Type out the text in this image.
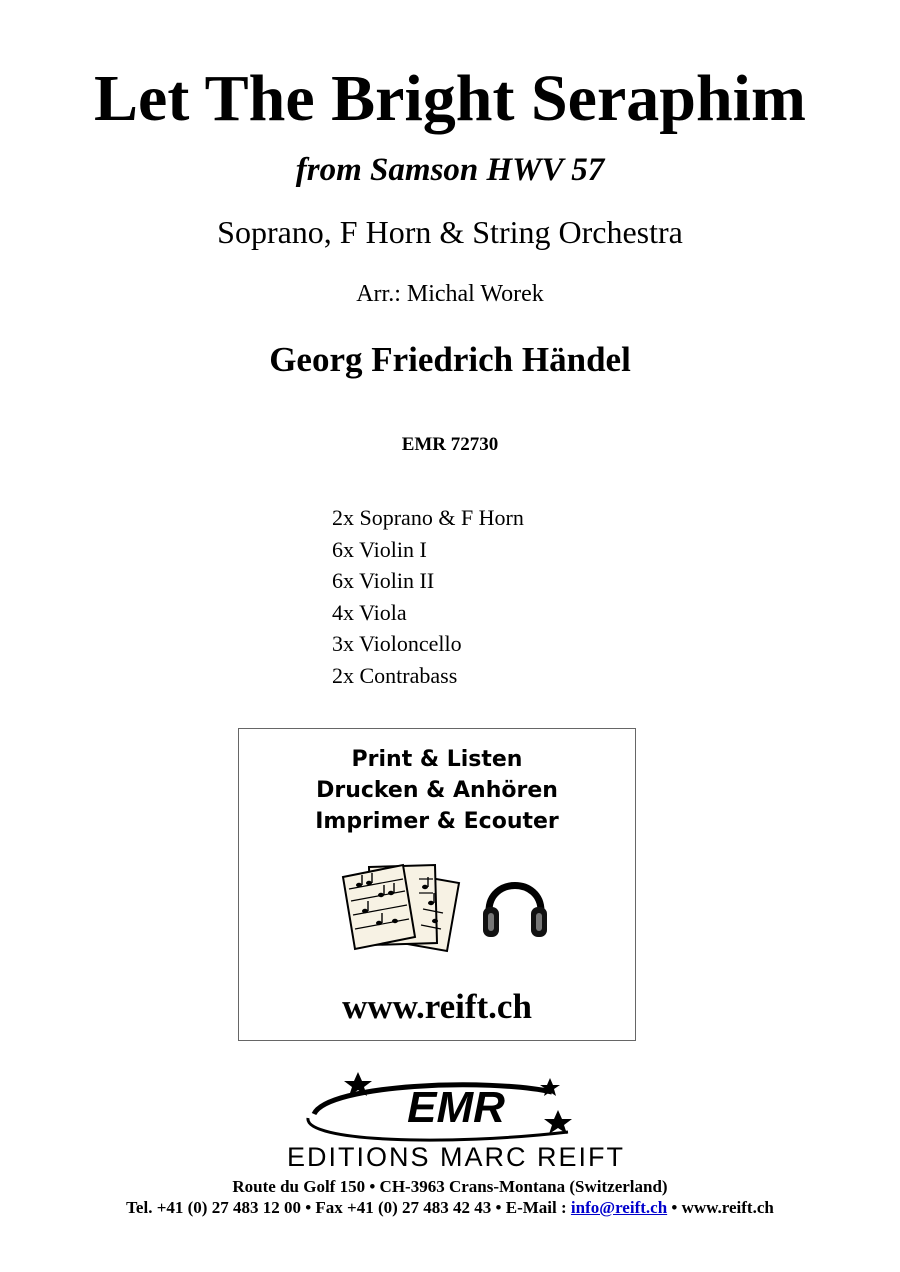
Let The Bright Seraphim
from Samson HWV 57
Soprano, F Horn & String Orchestra
Arr.: Michal Worek
Georg Friedrich Händel
EMR 72730
2x Soprano & F Horn
6x Violin I
6x Violin II
4x Viola
3x Violoncello
2x Contrabass
Print & Listen
Drucken & Anhören
Imprimer & Ecouter
www.reift.ch
EMR
EDITIONS MARC REIFT
Route du Golf 150 • CH-3963 Crans-Montana (Switzerland)
Tel. +41 (0) 27 483 12 00 • Fax +41 (0) 27 483 42 43 • E-Mail : info@reift.ch • www.reift.ch
